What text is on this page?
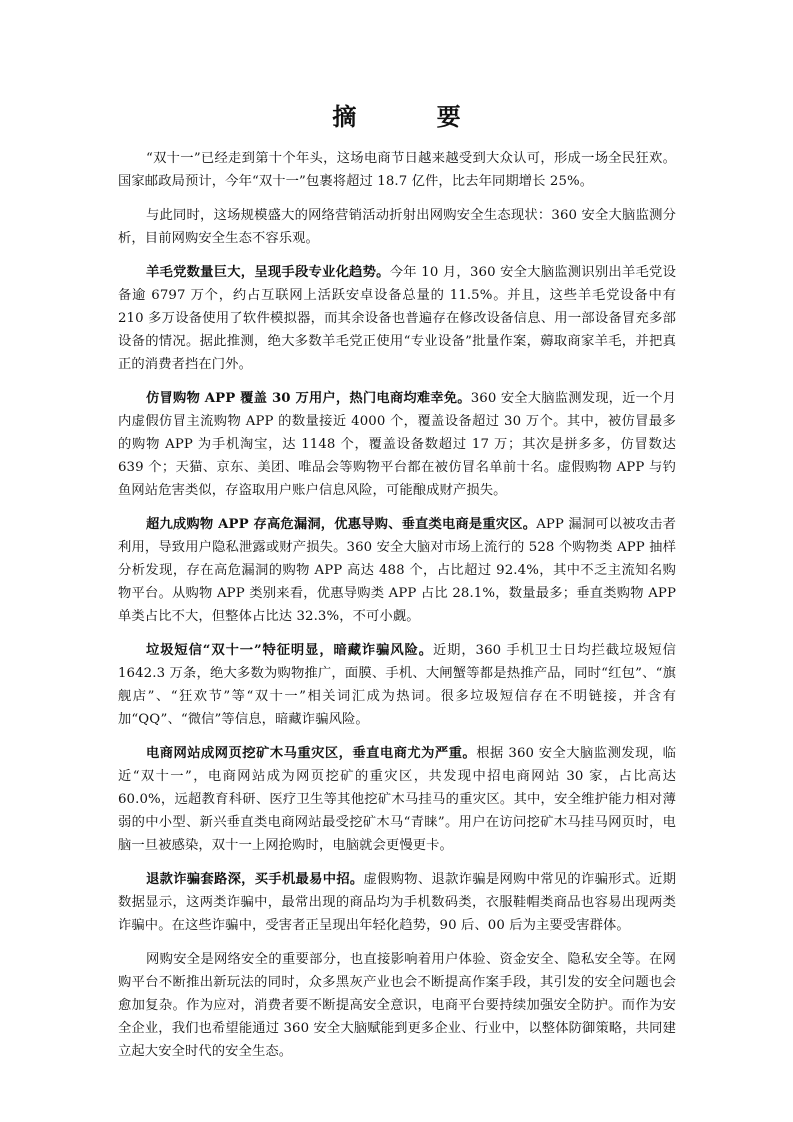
摘 要

“双十一”已经走到第十个年头，这场电商节日越来越受到大众认可，形成一场全民狂欢。国家邮政局预计，今年“双十一”包裹将超过 18.7 亿件，比去年同期增长 25%。

与此同时，这场规模盛大的网络营销活动折射出网购安全生态现状：360 安全大脑监测分析，目前网购安全生态不容乐观。

羊毛党数量巨大，呈现手段专业化趋势。今年 10 月，360 安全大脑监测识别出羊毛党设备逾 6797 万个，约占互联网上活跃安卓设备总量的 11.5%。并且，这些羊毛党设备中有 210 多万设备使用了软件模拟器，而其余设备也普遍存在修改设备信息、用一部设备冒充多部设备的情况。据此推测，绝大多数羊毛党正使用“专业设备”批量作案，薅取商家羊毛，并把真正的消费者挡在门外。

仿冒购物 APP 覆盖 30 万用户，热门电商均难幸免。360 安全大脑监测发现，近一个月内虚假仿冒主流购物 APP 的数量接近 4000 个，覆盖设备超过 30 万个。其中，被仿冒最多的购物 APP 为手机淘宝，达 1148 个，覆盖设备数超过 17 万；其次是拼多多，仿冒数达 639 个；天猫、京东、美团、唯品会等购物平台都在被仿冒名单前十名。虚假购物 APP 与钓鱼网站危害类似，存盗取用户账户信息风险，可能酿成财产损失。

超九成购物 APP 存高危漏洞，优惠导购、垂直类电商是重灾区。APP 漏洞可以被攻击者利用，导致用户隐私泄露或财产损失。360 安全大脑对市场上流行的 528 个购物类 APP 抽样分析发现，存在高危漏洞的购物 APP 高达 488 个，占比超过 92.4%，其中不乏主流知名购物平台。从购物 APP 类别来看，优惠导购类 APP 占比 28.1%，数量最多；垂直类购物 APP 单类占比不大，但整体占比达 32.3%，不可小觑。

垃圾短信“双十一”特征明显，暗藏诈骗风险。近期，360 手机卫士日均拦截垃圾短信 1642.3 万条，绝大多数为购物推广，面膜、手机、大闸蟹等都是热推产品，同时“红包”、“旗舰店”、“狂欢节”等“双十一”相关词汇成为热词。很多垃圾短信存在不明链接，并含有加“QQ”、“微信”等信息，暗藏诈骗风险。

电商网站成网页挖矿木马重灾区，垂直电商尤为严重。根据 360 安全大脑监测发现，临近“双十一”，电商网站成为网页挖矿的重灾区，共发现中招电商网站 30 家，占比高达 60.0%，远超教育科研、医疗卫生等其他挖矿木马挂马的重灾区。其中，安全维护能力相对薄弱的中小型、新兴垂直类电商网站最受挖矿木马“青睐”。用户在访问挖矿木马挂马网页时，电脑一旦被感染，双十一上网抢购时，电脑就会更慢更卡。

退款诈骗套路深，买手机最易中招。虚假购物、退款诈骗是网购中常见的诈骗形式。近期数据显示，这两类诈骗中，最常出现的商品均为手机数码类，衣服鞋帽类商品也容易出现两类诈骗中。在这些诈骗中，受害者正呈现出年轻化趋势，90 后、00 后为主要受害群体。

网购安全是网络安全的重要部分，也直接影响着用户体验、资金安全、隐私安全等。在网购平台不断推出新玩法的同时，众多黑灰产业也会不断提高作案手段，其引发的安全问题也会愈加复杂。作为应对，消费者要不断提高安全意识，电商平台要持续加强安全防护。而作为安全企业，我们也希望能通过 360 安全大脑赋能到更多企业、行业中，以整体防御策略，共同建立起大安全时代的安全生态。
